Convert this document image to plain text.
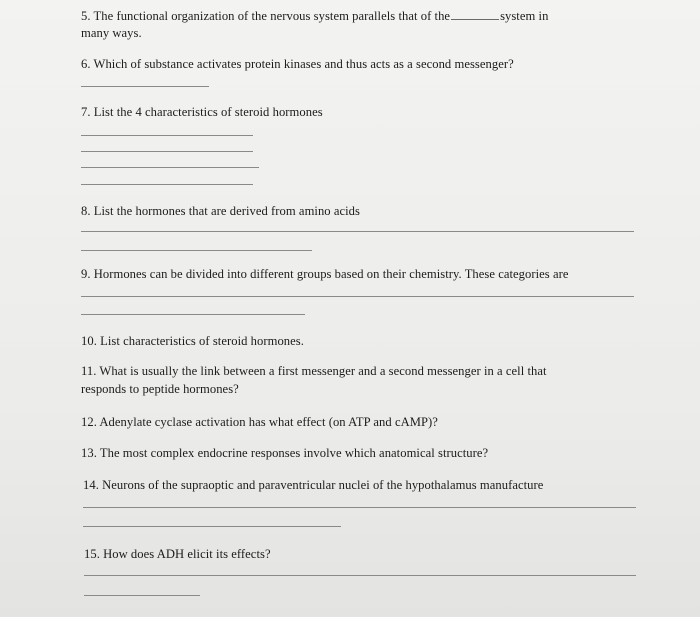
5. The functional organization of the nervous system parallels that of the	system in
many ways.
6. Which of substance activates protein kinases and thus acts as a second messenger?
7. List the 4 characteristics of steroid hormones
8. List the hormones that are derived from amino acids
9. Hormones can be divided into different groups based on their chemistry. These categories are
10. List characteristics of steroid hormones.
11. What is usually the link between a first messenger and a second messenger in a cell that
responds to peptide hormones?
12. Adenylate cyclase activation has what effect (on ATP and cAMP)?
13. The most complex endocrine responses involve which anatomical structure?
14. Neurons of the supraoptic and paraventricular nuclei of the hypothalamus manufacture
15. How does ADH elicit its effects?
